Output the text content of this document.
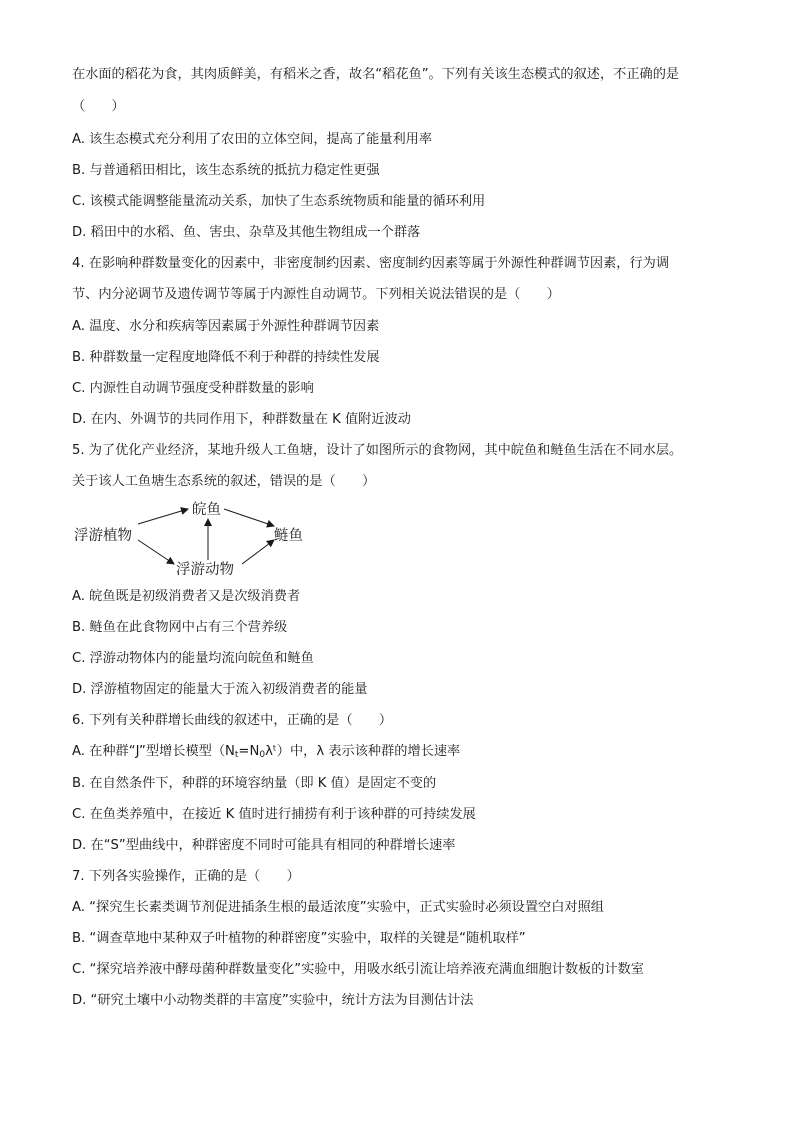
在水面的稻花为食，其肉质鲜美，有稻米之香，故名“稻花鱼”。下列有关该生态模式的叙述，不正确的是
（　　）
A. 该生态模式充分利用了农田的立体空间，提高了能量利用率
B. 与普通稻田相比，该生态系统的抵抗力稳定性更强
C. 该模式能调整能量流动关系，加快了生态系统物质和能量的循环利用
D. 稻田中的水稻、鱼、害虫、杂草及其他生物组成一个群落
4. 在影响种群数量变化的因素中，非密度制约因素、密度制约因素等属于外源性种群调节因素，行为调
节、内分泌调节及遗传调节等属于内源性自动调节。下列相关说法错误的是（　　）
A. 温度、水分和疾病等因素属于外源性种群调节因素
B. 种群数量一定程度地降低不利于种群的持续性发展
C. 内源性自动调节强度受种群数量的影响
D. 在内、外调节的共同作用下，种群数量在 K 值附近波动
5. 为了优化产业经济，某地升级人工鱼塘，设计了如图所示的食物网，其中皖鱼和鲢鱼生活在不同水层。
关于该人工鱼塘生态系统的叙述，错误的是（　　）
浮游植物
皖鱼
浮游动物
鲢鱼
A. 皖鱼既是初级消费者又是次级消费者
B. 鲢鱼在此食物网中占有三个营养级
C. 浮游动物体内的能量均流向皖鱼和鲢鱼
D. 浮游植物固定的能量大于流入初级消费者的能量
6. 下列有关种群增长曲线的叙述中，正确的是（　　）
A. 在种群“J”型增长模型$(N_t=N_0\lambda ᵗ)$中，λ 表示该种群的增长速率
B. 在自然条件下，种群的环境容纳量（即 K 值）是固定不变的
C. 在鱼类养殖中，在接近 K 值时进行捕捞有利于该种群的可持续发展
D. 在“S”型曲线中，种群密度不同时可能具有相同的种群增长速率
7. 下列各实验操作，正确的是（　　）
A. “探究生长素类调节剂促进插条生根的最适浓度”实验中，正式实验时必须设置空白对照组
B. “调查草地中某种双子叶植物的种群密度”实验中，取样的关键是“随机取样”
C. “探究培养液中酵母菌种群数量变化”实验中，用吸水纸引流让培养液充满血细胞计数板的计数室
D. “研究土壤中小动物类群的丰富度”实验中，统计方法为目测估计法
